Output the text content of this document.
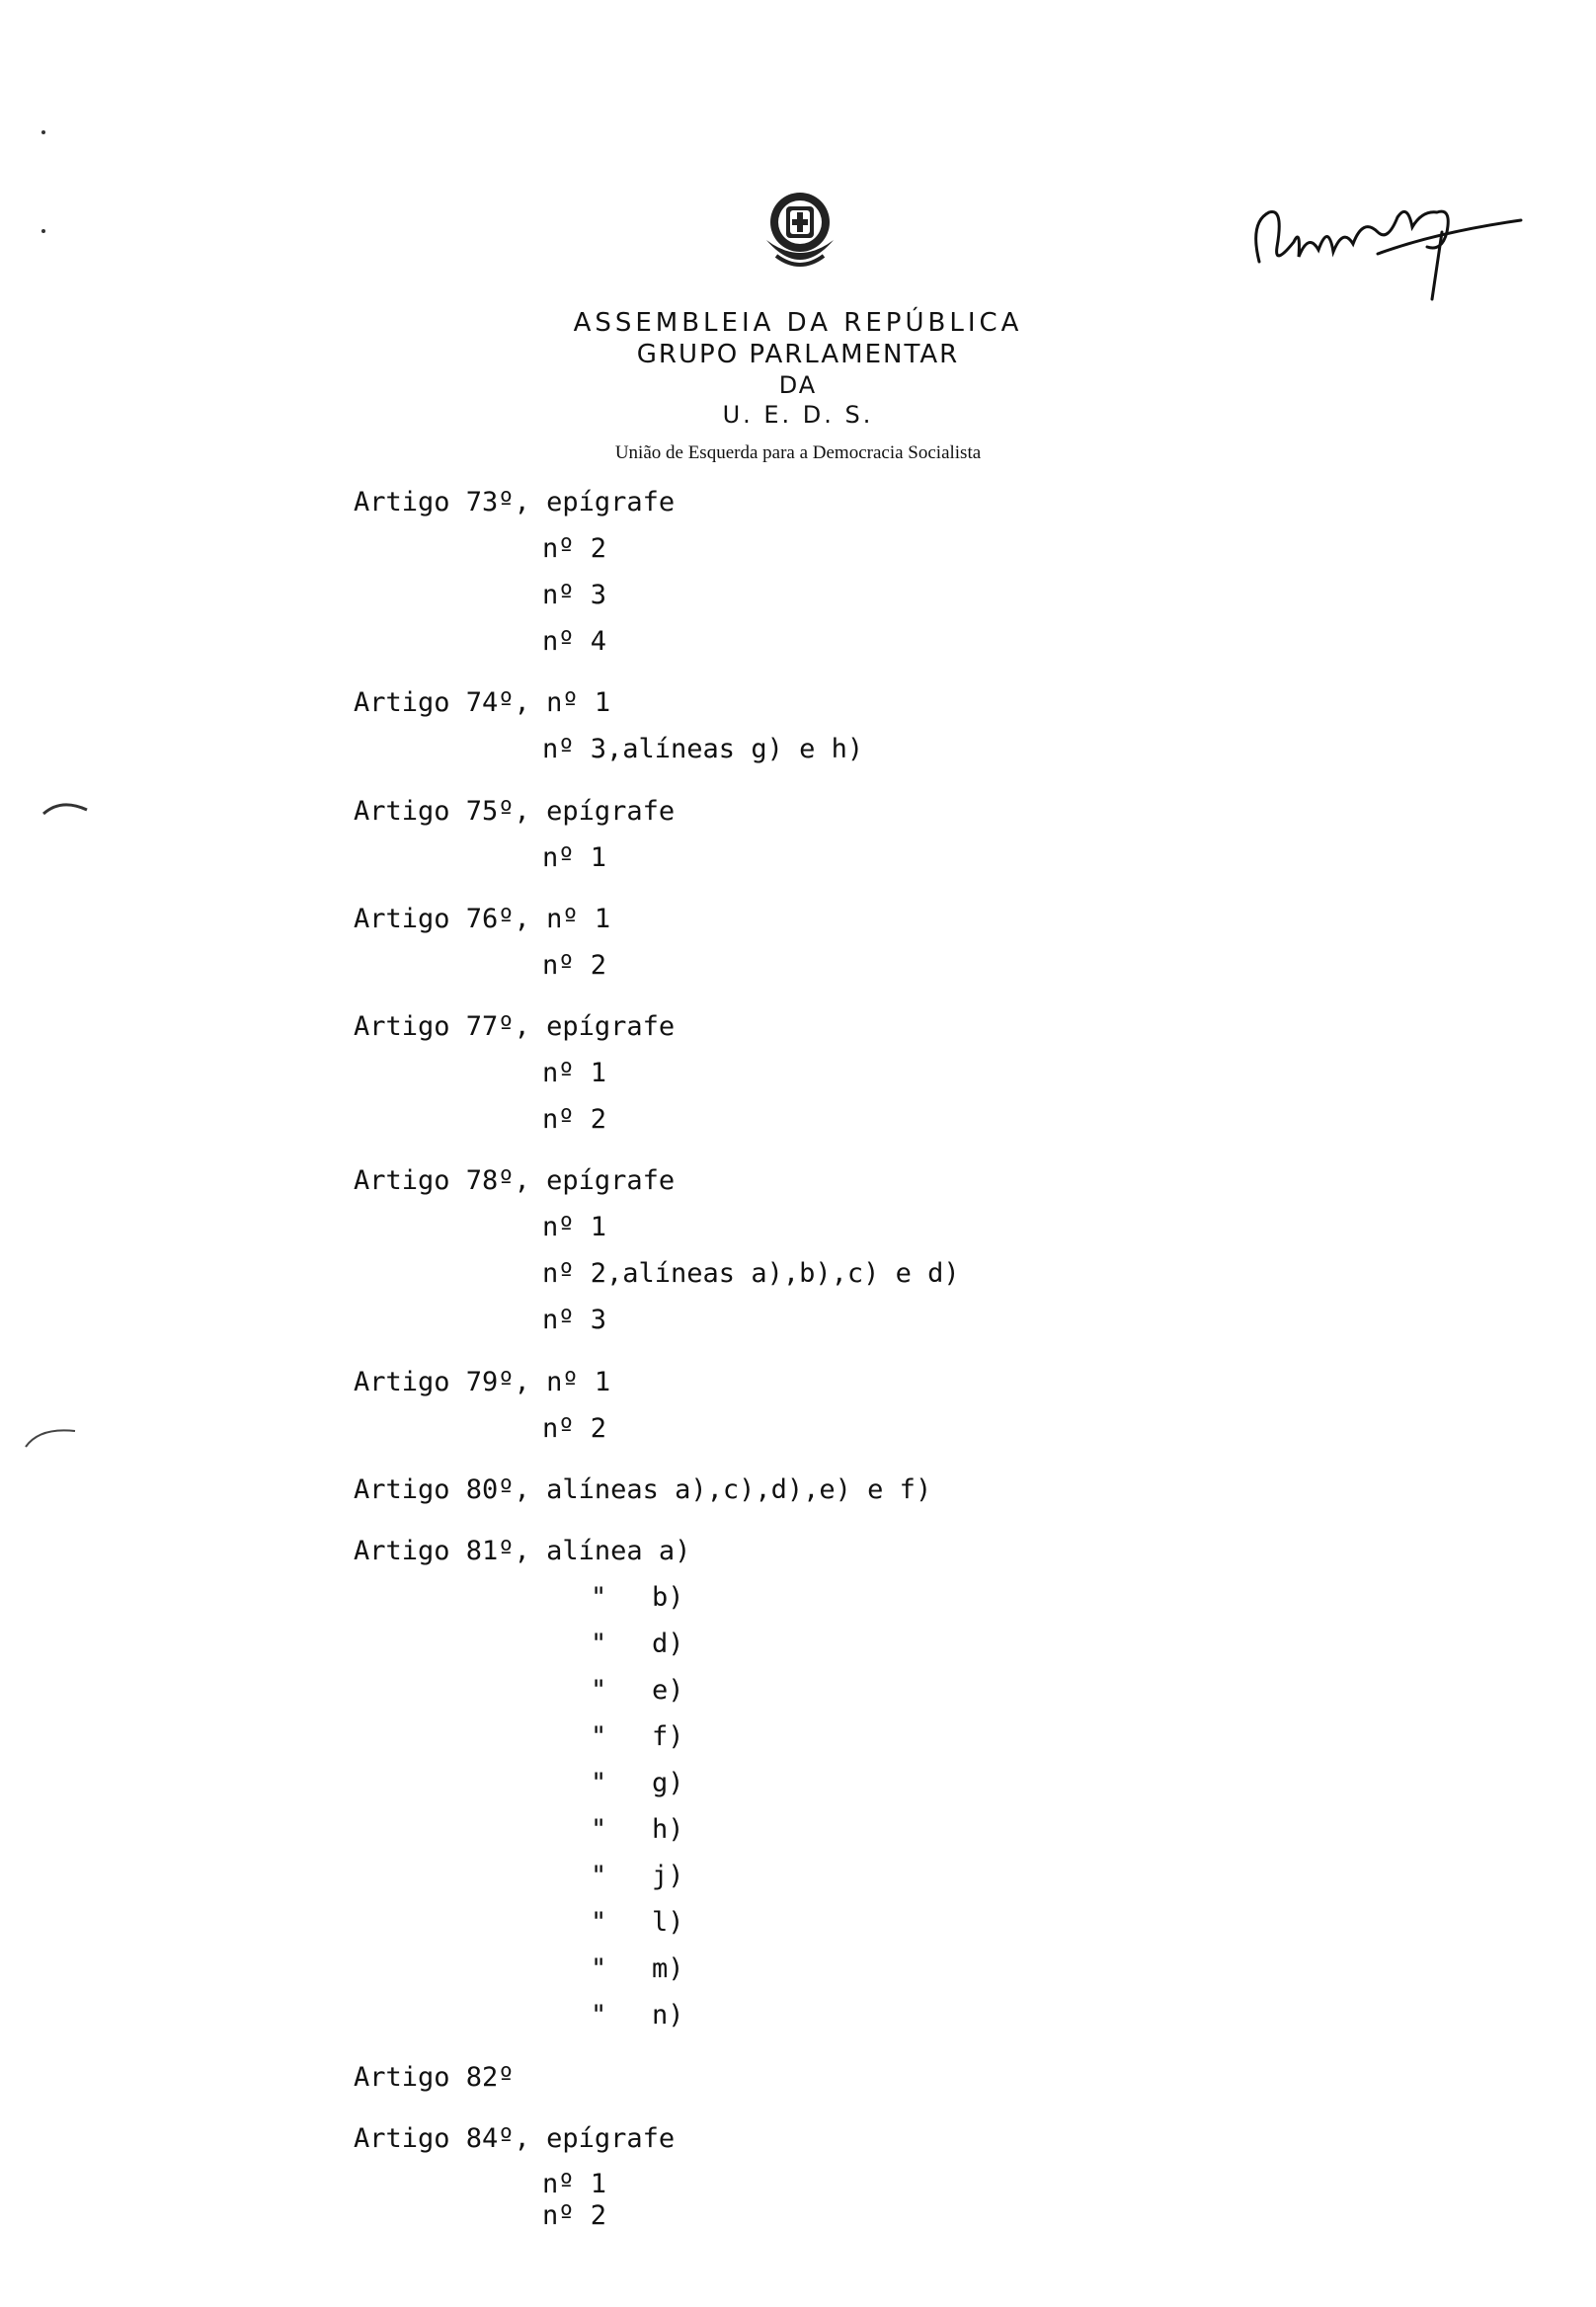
ASSEMBLEIA DA REPÚBLICA
GRUPO PARLAMENTAR
DA
U. E. D. S.
União de Esquerda para a Democracia Socialista
Artigo 73º, epígrafe
nº 2
nº 3
nº 4
Artigo 74º, nº 1
nº 3,alíneas g) e h)
Artigo 75º, epígrafe
nº 1
Artigo 76º, nº 1
nº 2
Artigo 77º, epígrafe
nº 1
nº 2
Artigo 78º, epígrafe
nº 1
nº 2,alíneas a),b),c) e d)
nº 3
Artigo 79º, nº 1
nº 2
Artigo 80º, alíneas a),c),d),e) e f)
Artigo 81º, alínea a)
" b)
" d)
" e)
" f)
" g)
" h)
" j)
" l)
" m)
" n)
Artigo 82º
Artigo 84º, epígrafe
nº 1
nº 2
